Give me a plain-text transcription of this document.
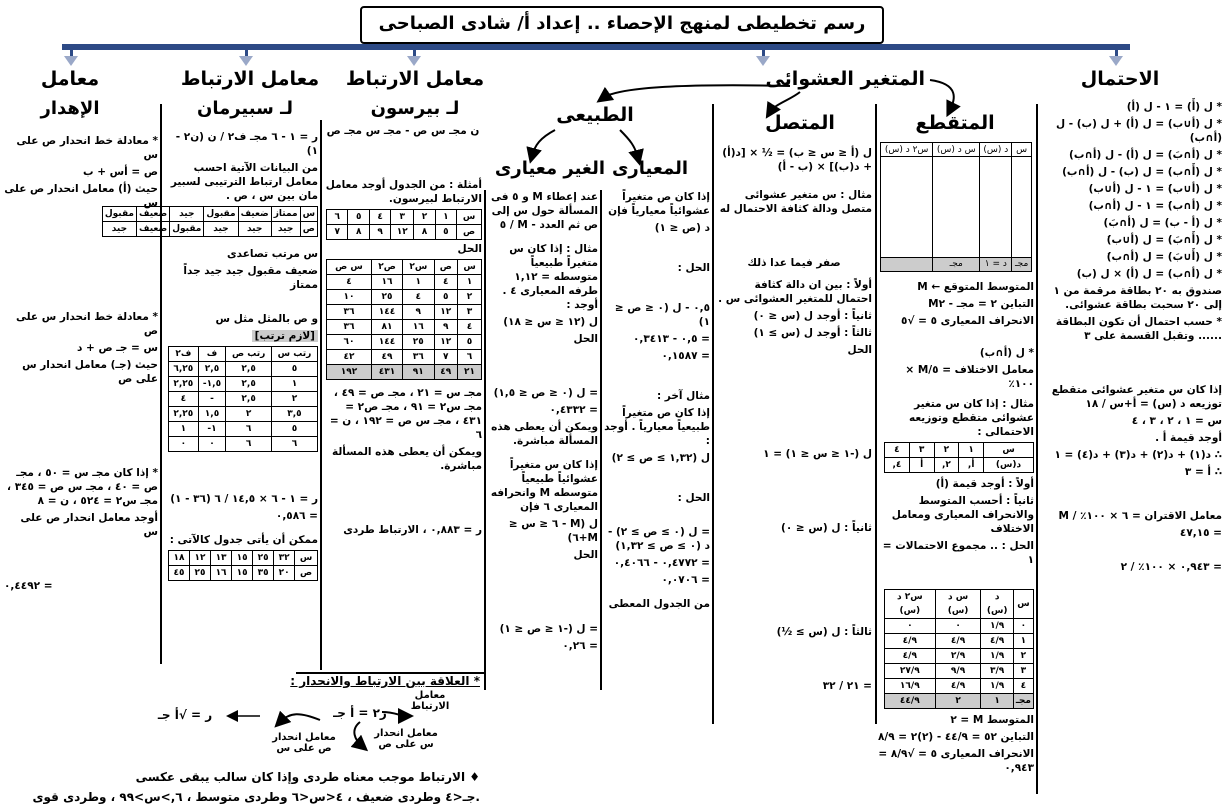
رسم تخطيطى لمنهج الإحصاء .. إعداد أ/ شادى الصباحى
الاحتمال
المتغير العشوائى
معامل الارتباط
لـ بيرسون
معامل الارتباط
لـ سبيرمان
معامل
الإهدار	الطبيعى
الغير معيارى المعيارى
المتصل	المتقطع

* ل (أَ) = ١ - ل (أ)

* ل (أ∪ب) = ل (أ) + ل (ب) - ل (أ∩ب)

* ل (أ∩بَ) = ل (أ) - ل (أ∩ب)

* ل (أَ∩ب) = ل (ب) - ل (أ∩ب)

* ل (أ∪ب)َ = ١ - ل (أ∪ب)

* ل (أ∩ب)َ = ١ - ل (أ∩ب)

* ل (أ - ب) = ل (أ∩بَ)

* ل (أَ∩بَ) = ل (أ∪ب)َ

* ل (أَ∪بَ) = ل (أ∩ب)َ

* ل (أ∩ب) = ل (أ) × ل (ب)

صندوق به ٢٠ بطاقة مرقمة من ١ إلى ٢٠ سحبت بطاقة عشوائى.

* حسب احتمال أن تكون البطاقة ...... وتقبل القسمة على ٣

إذا كان س متغير عشوائى متقطع توزيعه د (س) = أ+س / ١٨

س = ١ ، ٢ ، ٣ ، ٤

أوجد قيمة أ .

∴ د(١) + د(٢) + د(٣) + د(٤) = ١

∴ أ = ٣

معامل الاقتران = ٦ × ١٠٠٪ / M

= ٤٧,١٥

= ٠,٩٤٣ × ١٠٠٪ / ٢

س	د (س)	س د (س)	س٢ د (س)

مجـ	د = ١	مجـ	

المتوسط المتوقع ← M

التباين ٢ = مجـ - M٢

الانحراف المعيارى ٥ = √٥

* ل (أ∩ب)

معامل الاختلاف = ٥/M × ١٠٠٪

مثال : إذا كان س متغير عشوائى متقطع وتوزيعه الاحتمالى :

س	١	٢	٣	٤
د(س)	أ,	٢,	أ	٤,

أولاً : أوجد قيمة (أ)

ثانياً : أحسب المتوسط والانحراف المعيارى ومعامل الاختلاف

الحل : .. مجموع الاحتمالات = ١

س	د (س)	س د (س)	س٢ د (س)
٠	١/٩	٠	٠
١	٤/٩	٤/٩	٤/٩
٢	١/٩	٢/٩	٤/٩
٣	٣/٩	٩/٩	٢٧/٩
٤	١/٩	٤/٩	١٦/٩
مجـ	١	٢	٤٤/٩

المتوسط M = ٢

التباين ٥٢ = ٤٤/٩ - (٢)٢ = ٨/٩

الانحراف المعيارى ٥ = √٨/٩ = ٠,٩٤٣

ل (أ ≤ س ≤ ب) = ½ × [د(أ) + د(ب)] × (ب - أ)

مثال : س متغير عشوائى متصل ودالة كثافة الاحتمال له

صفر فيما عدا ذلك

أولاً : بين ان دالة كثافة احتمال للمتغير العشوائى س .

ثانياً : أوجد ل (س ≤ ٠)

ثالثاً : أوجد ل (س ≥ ١)

الحل

ل (-١ ≤ س ≤ ١) = ١

ثانياً : ل (س ≤ ٠)

ثالثاً : ل (س ≥ ½)

= ٢١ / ٣٢

إذا كان ص متغيراً عشوائياً معيارياً فإن

د (ص ≤ ١)

الحل :

٠,٥ - ل (٠ ≤ ص ≤ ١)

= ٠,٥ - ٠,٣٤١٣

= ٠,١٥٨٧

مثال آخر :

إذا كان ص متغيراً طبيعياً معيارياً . أوجد :

ل (١,٣٢ ≥ ص ≥ ٢)

الحل :

= ل (٠ ≥ ص ≥ ٢) - د (٠ ≥ ص ≥ ١,٣٢)

= ٠,٤٧٧٢ - ٠,٤٠٦٦

= ٠,٠٧٠٦

من الجدول المعطى

عند إعطاء M و ٥ فى المسألة حول س إلى ص ثم العدد - M / ٥

مثال : إذا كان س متغيراً طبيعياً متوسطه = ١,١٢ طرفه المعيارى ٤ . أوجد :

ل (١٢ ≤ س ≤ ١٨)

الحل

= ل (٠ ≤ ص ≤ ١,٥)

= ٠,٤٣٣٢

ويمكن أن يعطى هذه المسألة مباشرة.

إذا كان س متغيراً عشوائياً طبيعياً متوسطه M وانحرافه المعيارى ٦ فإن

ل (M - ٦ ≤ س ≤ M+٦)

الحل

= ل (-١ ≤ ص ≤ ١)

= ٠,٢٦

ن مجـ س ص - مجـ س مجـ ص

أمثلة : من الجدول أوجد معامل الارتباط لبيرسون.

س	١	٢	٣	٤	٥	٦
ص	٥	٨	١٢	٩	٨	٧

الحل

س	ص	س٢	ص٢	س ص
١	٤	١	١٦	٤
٢	٥	٤	٢٥	١٠
٣	١٢	٩	١٤٤	٣٦
٤	٩	١٦	٨١	٣٦
٥	١٢	٢٥	١٤٤	٦٠
٦	٧	٣٦	٤٩	٤٢
٢١	٤٩	٩١	٤٣١	١٩٢

مجـ س = ٢١ ، مجـ ص = ٤٩ ، مجـ س٢ = ٩١ ، مجـ ص٢ = ٤٣١ ، مجـ س ص = ١٩٢ ، ن = ٦

ويمكن أن يعطى هذه المسألة مباشرة.

ر = ٠,٨٨٣ ، الارتباط طردى

ر = ١ - ٦ مجـ ف٢ / ن (ن٢ - ١)

من البيانات الآتية احسب معامل ارتباط الترتيبى لسبير مان بين س ، ص .

س	ممتاز	ضعيف	مقبول	جيد	ضعيف	مقبول
ص	جيد	جيد	جيد	مقبول	ضعيف	جيد

س مرتب تصاعدى

ضعيف مقبول جيد جيد جداً ممتاز

و ص بالمثل مثل س

[لازم ترتب]

رتب س	رتب ص	ف	ف٢
٥	٢,٥	٢,٥	٦,٢٥
١	٢,٥	١,٥-	٢,٢٥
٢	٢,٥	-	٤
٣,٥	٢	١,٥	٢,٢٥
٥	٦	١-	١
٦	٦	٠	٠

ر = ١ - ٦ × ١٤,٥ / ٦ (٣٦ - ١)

= ٠,٥٨٦

ممكن أن يأتى جدول كالآتى :

س	٣٢	٢٥	١٥	١٣	١٢	١٨
ص	٢٠	٣٥	١٥	١٦	٢٥	٤٥

* معادلة خط انحدار ص على س

ص = أس + ب

حيث (أ) معامل انحدار ص على س

* معادلة خط انحدار س على ص

س = جـ ص + د

حيث (جـ) معامل انحدار س على ص

* إذا كان مجـ س = ٥٠ ، مجـ ص = ٤٠ ، مجـ س ص = ٣٤٥ ، مجـ س٢ = ٥٢٤ ، ن = ٨

أوجد معامل انحدار ص على س

= ٠,٤٤٩٢

* العلاقة بين الارتباط والانحدار :
معامل الارتباط
معامل انحدار ص على س
معامل انحدار س على ص
ر٢ = أ جـ
ر = √أ جـ
♦ الارتباط موجب معناه طردى وإذا كان سالب يبقى عكسى
.جـ<٤ وطردى ضعيف ، ٤<س<٦ وطردى متوسط ، ٦,>س>٩٩ ، وطردى قوى
